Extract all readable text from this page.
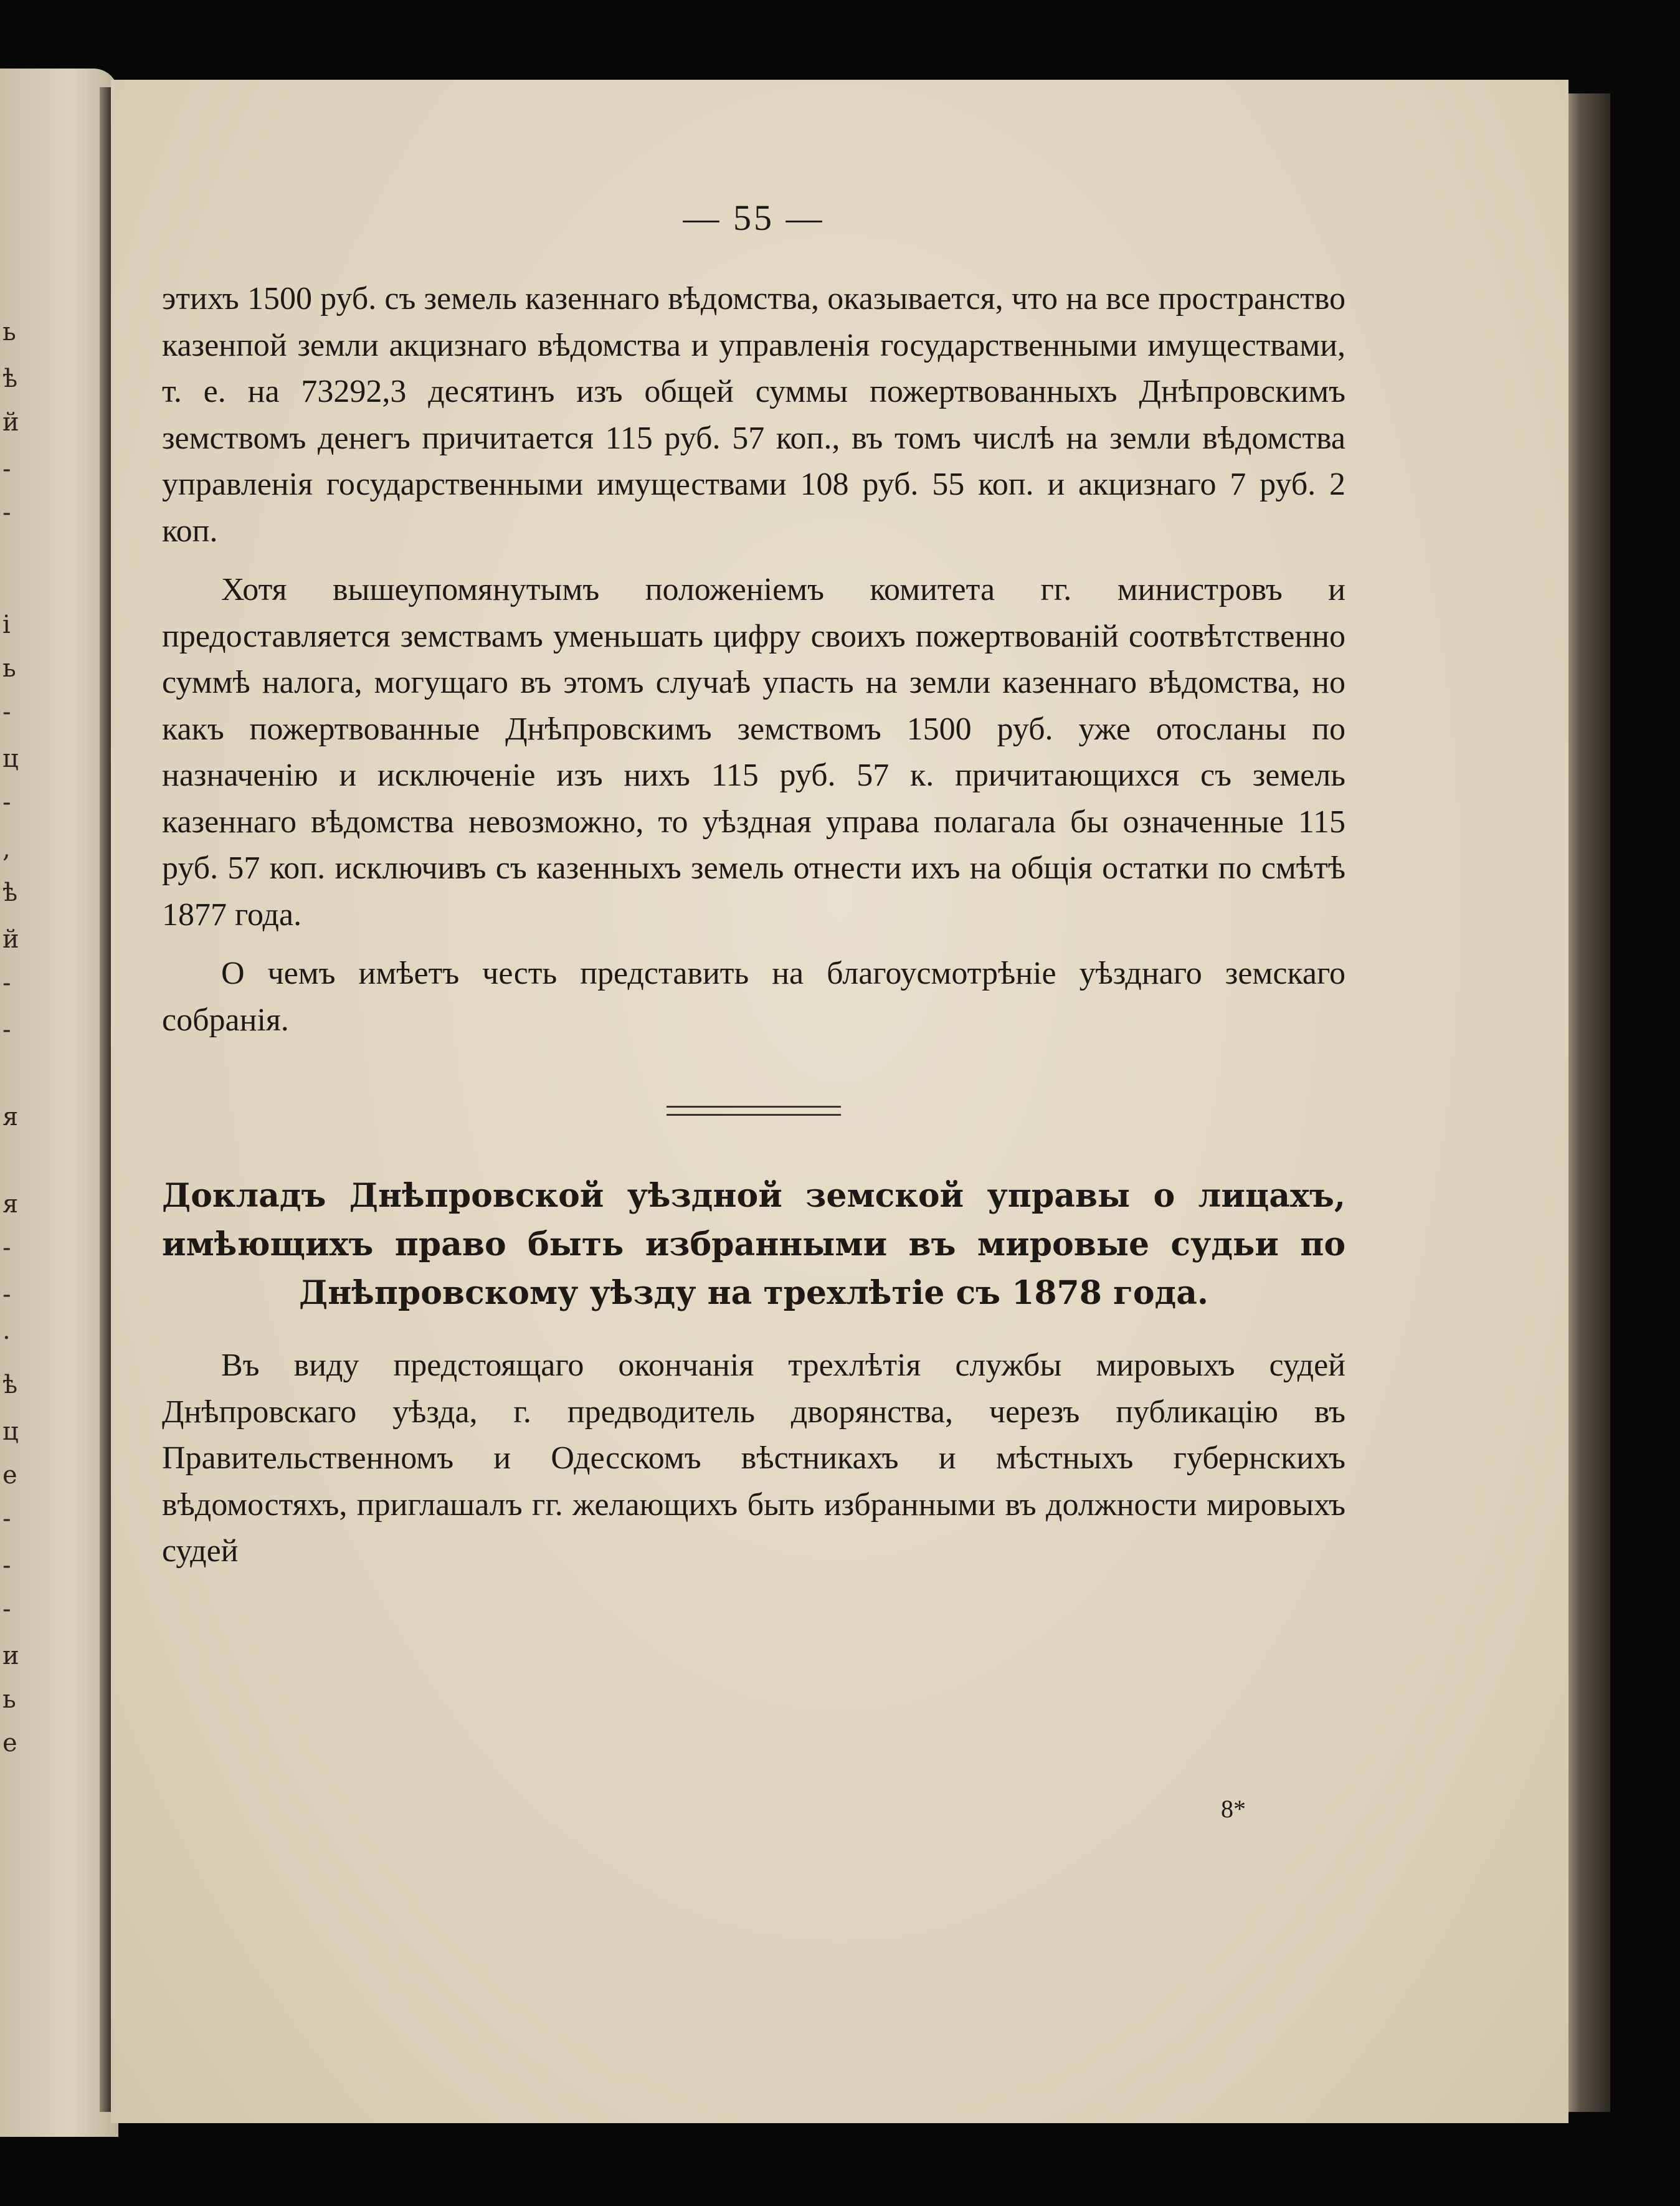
ь
ѣ
й
-
-
і
ь
-
ц
-
,
ѣ
й
-
-
я
я
-
-
·
ѣ
ц
е
-
-
-
и
ь
е
— 55 —

этихъ 1500 руб. съ земель казеннаго вѣдомства, оказывается, что на все пространство казенпой земли акцизнаго вѣдомства и управленія государственными имуществами, т. е. на 73292,3 десятинъ изъ общей суммы пожертвованныхъ Днѣпровскимъ земствомъ денегъ причитается 115 руб. 57 коп., въ томъ числѣ на земли вѣдомства управленія государственными имуществами 108 руб. 55 коп. и акцизнаго 7 руб. 2 коп.

Хотя вышеупомянутымъ положеніемъ комитета гг. министровъ и предоставляется земствамъ уменьшать цифру своихъ пожертвованій соотвѣтственно суммѣ налога, могущаго въ этомъ случаѣ упасть на земли казеннаго вѣдомства, но какъ пожертвованные Днѣпровскимъ земствомъ 1500 руб. уже отосланы по назначенію и исключеніе изъ нихъ 115 руб. 57 к. причитающихся съ земель казеннаго вѣдомства невозможно, то уѣздная управа полагала бы означенные 115 руб. 57 коп. исключивъ съ казенныхъ земель отнести ихъ на общія остатки по смѣтѣ 1877 года.

О чемъ имѣетъ честь представить на благоусмотрѣніе уѣзднаго земскаго собранія.

Докладъ Днѣпровской уѣздной земской управы о лицахъ, имѣющихъ право быть избранными въ мировые судьи по Днѣпровскому уѣзду на трехлѣтіе съ 1878 года.

Въ виду предстоящаго окончанія трехлѣтія службы мировыхъ судей Днѣпровскаго уѣзда, г. предводитель дворянства, черезъ публикацію въ Правительственномъ и Одесскомъ вѣстникахъ и мѣстныхъ губернскихъ вѣдомостяхъ, приглашалъ гг. желающихъ быть избранными въ должности мировыхъ судей

8*
